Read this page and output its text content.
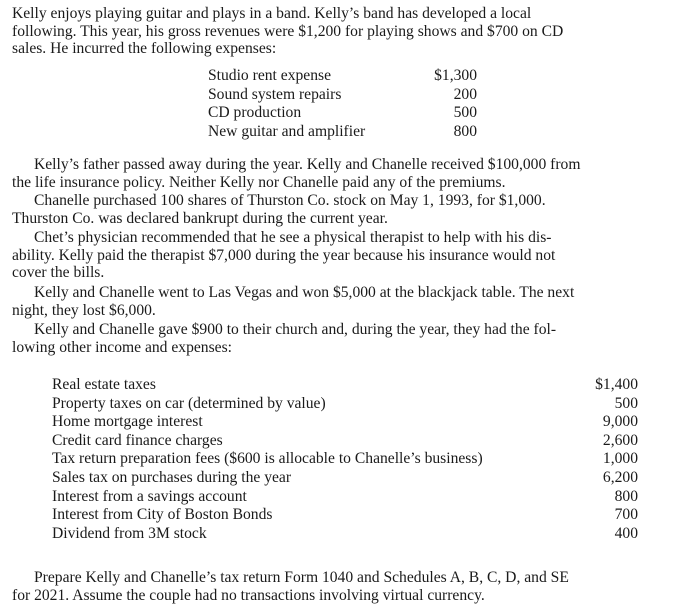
Kelly enjoys playing guitar and plays in a band. Kelly’s band has developed a local
following. This year, his gross revenues were $1,200 for playing shows and $700 on CD
sales. He incurred the following expenses:

Studio rent expense	$1,300
Sound system repairs	200
CD production	500
New guitar and amplifier	800

Kelly’s father passed away during the year. Kelly and Chanelle received $100,000 from
the life insurance policy. Neither Kelly nor Chanelle paid any of the premiums.

Chanelle purchased 100 shares of Thurston Co. stock on May 1, 1993, for $1,000.
Thurston Co. was declared bankrupt during the current year.

Chet’s physician recommended that he see a physical therapist to help with his dis-
ability. Kelly paid the therapist $7,000 during the year because his insurance would not
cover the bills.

Kelly and Chanelle went to Las Vegas and won $5,000 at the blackjack table. The next
night, they lost $6,000.

Kelly and Chanelle gave $900 to their church and, during the year, they had the fol-
lowing other income and expenses:

Real estate taxes	$1,400
Property taxes on car (determined by value)	500
Home mortgage interest	9,000
Credit card finance charges	2,600
Tax return preparation fees ($600 is allocable to Chanelle’s business)	1,000
Sales tax on purchases during the year	6,200
Interest from a savings account	800
Interest from City of Boston Bonds	700
Dividend from 3M stock	400

Prepare Kelly and Chanelle’s tax return Form 1040 and Schedules A, B, C, D, and SE
for 2021. Assume the couple had no transactions involving virtual currency.
